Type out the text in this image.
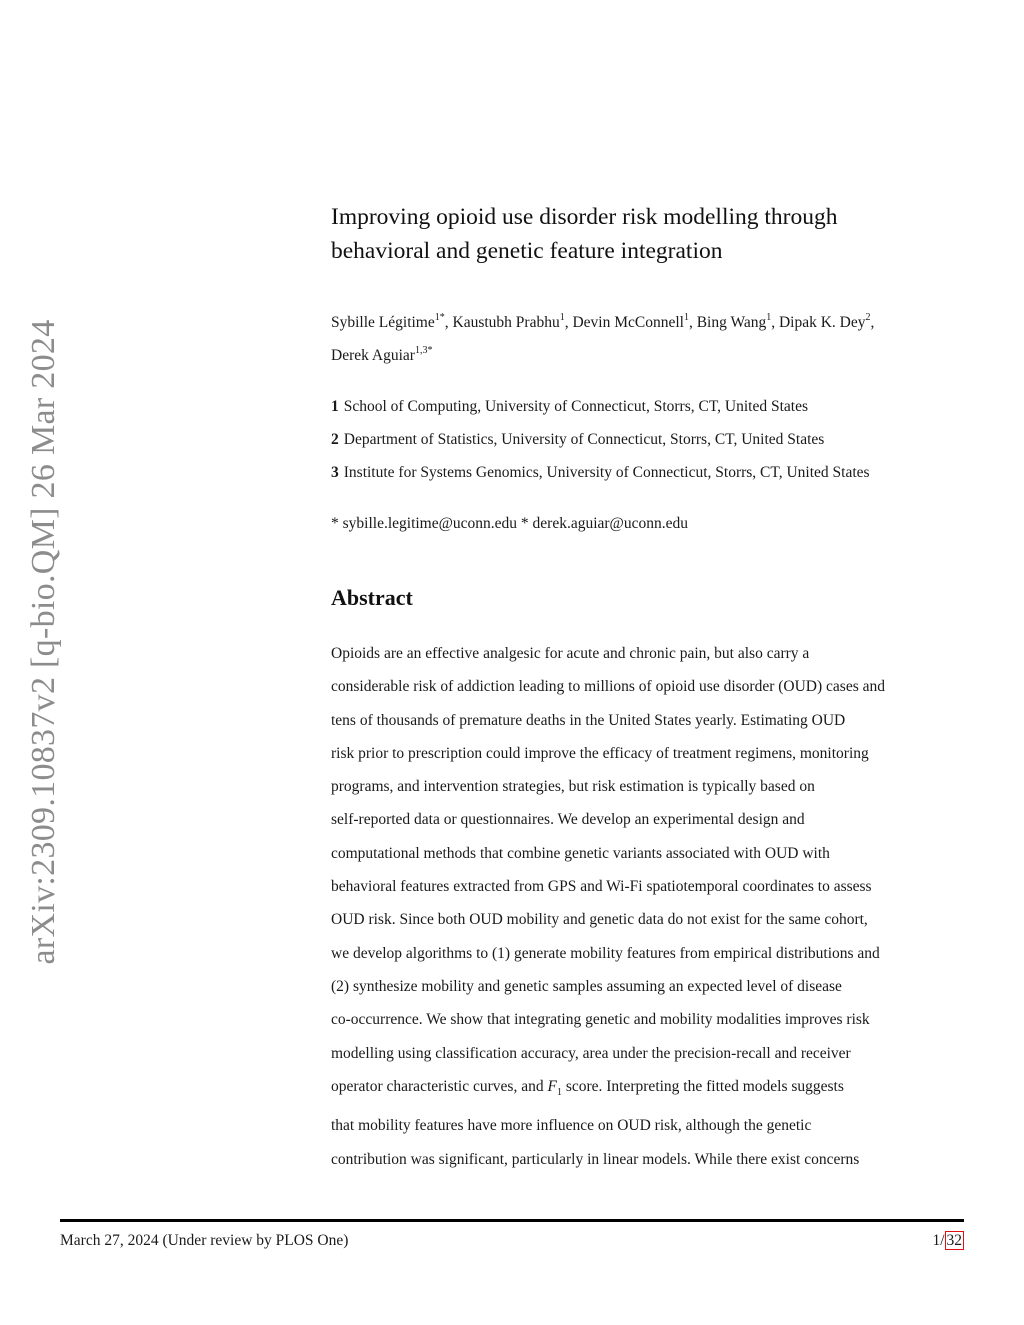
arXiv:2309.10837v2 [q-bio.QM] 26 Mar 2024
Improving opioid use disorder risk modelling through
behavioral and genetic feature integration
Sybille Légitime$^{1*}$, Kaustubh Prabhu$^1$, Devin McConnell$^1$, Bing Wang$^1$, Dipak K. Dey$^2$,
Derek Aguiar$^{1,3*}$
1 School of Computing, University of Connecticut, Storrs, CT, United States
2 Department of Statistics, University of Connecticut, Storrs, CT, United States
3 Institute for Systems Genomics, University of Connecticut, Storrs, CT, United States
* sybille.legitime@uconn.edu * derek.aguiar@uconn.edu
Abstract
Opioids are an effective analgesic for acute and chronic pain, but also carry a
considerable risk of addiction leading to millions of opioid use disorder (OUD) cases and
tens of thousands of premature deaths in the United States yearly. Estimating OUD
risk prior to prescription could improve the efficacy of treatment regimens, monitoring
programs, and intervention strategies, but risk estimation is typically based on
self-reported data or questionnaires. We develop an experimental design and
computational methods that combine genetic variants associated with OUD with
behavioral features extracted from GPS and Wi-Fi spatiotemporal coordinates to assess
OUD risk. Since both OUD mobility and genetic data do not exist for the same cohort,
we develop algorithms to (1) generate mobility features from empirical distributions and
(2) synthesize mobility and genetic samples assuming an expected level of disease
co-occurrence. We show that integrating genetic and mobility modalities improves risk
modelling using classification accuracy, area under the precision-recall and receiver
operator characteristic curves, and $F_1$ score. Interpreting the fitted models suggests
that mobility features have more influence on OUD risk, although the genetic
contribution was significant, particularly in linear models. While there exist concerns
March 27, 2024 (Under review by PLOS One)	1/ 32
